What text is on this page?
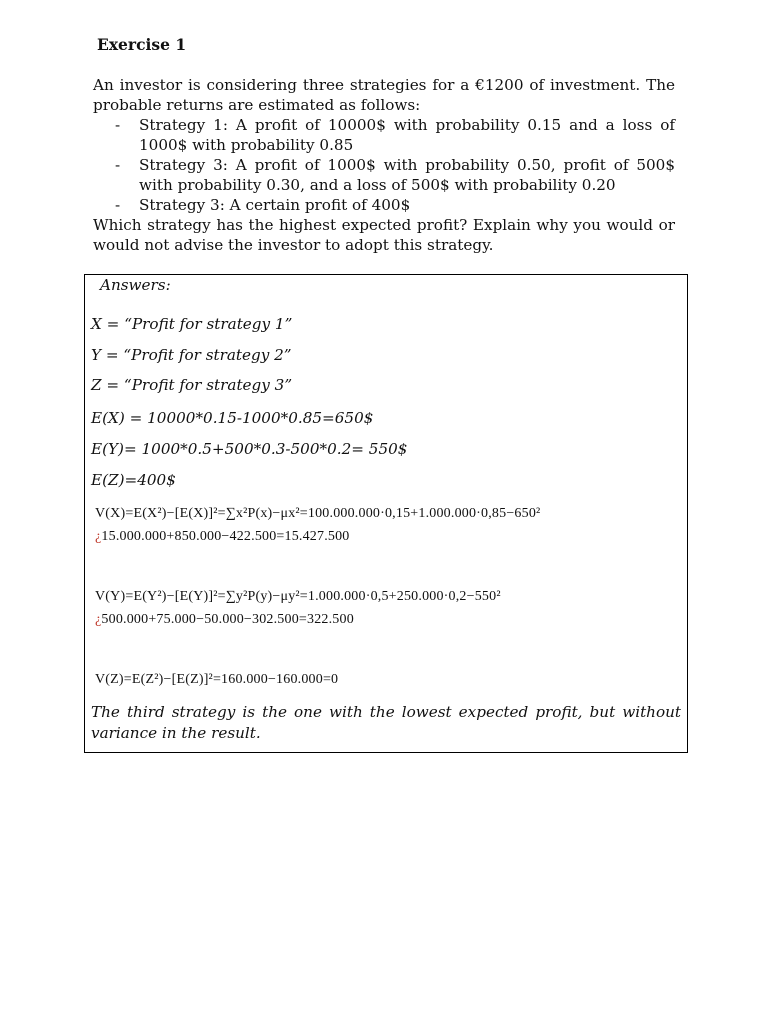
Exercise 1

An investor is considering three strategies for a €1200 of investment. The probable returns are estimated as follows:

- Strategy 1: A profit of 10000$ with probability 0.15 and a loss of 1000$ with probability 0.85
- Strategy 3: A profit of 1000$ with probability 0.50, profit of 500$ with probability 0.30, and a loss of 500$ with probability 0.20
- Strategy 3: A certain profit of 400$

Which strategy has the highest expected profit? Explain why you would or would not advise the investor to adopt this strategy.

Answers:

X = “Profit for strategy 1”
Y = “Profit for strategy 2”
Z = “Profit for strategy 3”
E(X) = 10000*0.15-1000*0.85=650$
E(Y)= 1000*0.5+500*0.3-500*0.2= 550$
E(Z)=400$
V(X)=E(X²)−[E(X)]²=∑x²P(x)−μx²=100.000.000·0,15+1.000.000·0,85−650²
¿15.000.000+850.000−422.500=15.427.500
V(Y)=E(Y²)−[E(Y)]²=∑y²P(y)−μy²=1.000.000·0,5+250.000·0,2−550²
¿500.000+75.000−50.000−302.500=322.500
V(Z)=E(Z²)−[E(Z)]²=160.000−160.000=0

The third strategy is the one with the lowest expected profit, but without variance in the result.
